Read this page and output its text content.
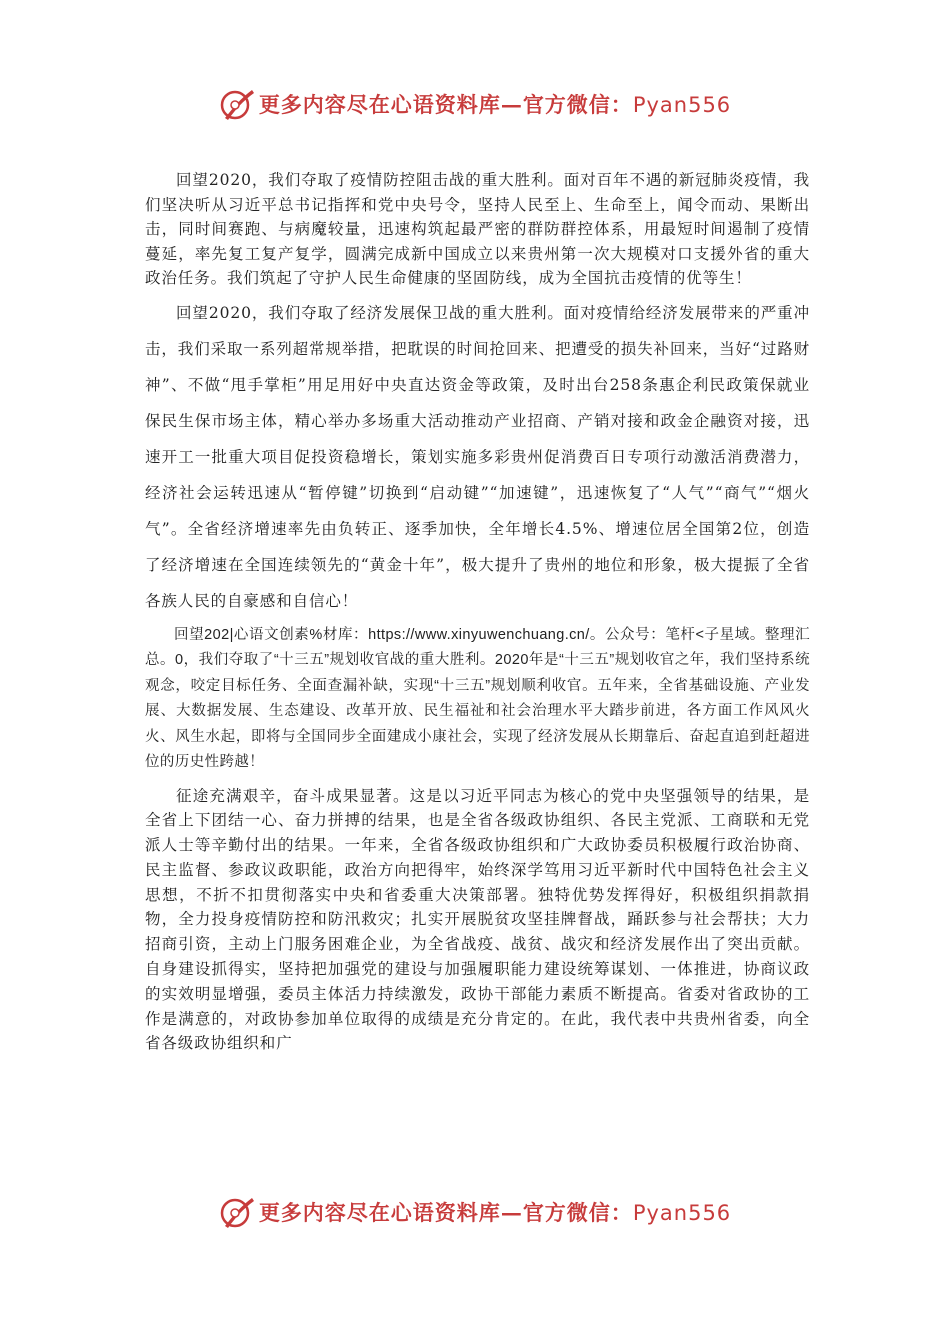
更多内容尽在心语资料库—官方微信：Pyan556

回望2020，我们夺取了疫情防控阻击战的重大胜利。面对百年不遇的新冠肺炎疫情，我们坚决听从习近平总书记指挥和党中央号令，坚持人民至上、生命至上，闻令而动、果断出击，同时间赛跑、与病魔较量，迅速构筑起最严密的群防群控体系，用最短时间遏制了疫情蔓延，率先复工复产复学，圆满完成新中国成立以来贵州第一次大规模对口支援外省的重大政治任务。我们筑起了守护人民生命健康的坚固防线，成为全国抗击疫情的优等生！

回望2020，我们夺取了经济发展保卫战的重大胜利。面对疫情给经济发展带来的严重冲击，我们采取一系列超常规举措，把耽误的时间抢回来、把遭受的损失补回来，当好“过路财神”、不做“甩手掌柜”用足用好中央直达资金等政策，及时出台258条惠企利民政策保就业保民生保市场主体，精心举办多场重大活动推动产业招商、产销对接和政金企融资对接，迅速开工一批重大项目促投资稳增长，策划实施多彩贵州促消费百日专项行动激活消费潜力，经济社会运转迅速从“暂停键”切换到“启动键”“加速键”，迅速恢复了“人气”“商气”“烟火气”。全省经济增速率先由负转正、逐季加快，全年增长4.5%、增速位居全国第2位，创造了经济增速在全国连续领先的“黄金十年”，极大提升了贵州的地位和形象，极大提振了全省各族人民的自豪感和自信心！

回望202|心语文创素%材库：https://www.xinyuwenchuang.cn/。公众号：笔杆<子星域。整理汇总。0，我们夺取了“十三五”规划收官战的重大胜利。2020年是“十三五”规划收官之年，我们坚持系统观念，咬定目标任务、全面查漏补缺，实现“十三五”规划顺利收官。五年来，全省基础设施、产业发展、大数据发展、生态建设、改革开放、民生福祉和社会治理水平大踏步前进，各方面工作风风火火、风生水起，即将与全国同步全面建成小康社会，实现了经济发展从长期靠后、奋起直追到赶超进位的历史性跨越！

征途充满艰辛，奋斗成果显著。这是以习近平同志为核心的党中央坚强领导的结果，是全省上下团结一心、奋力拼搏的结果，也是全省各级政协组织、各民主党派、工商联和无党派人士等辛勤付出的结果。一年来，全省各级政协组织和广大政协委员积极履行政治协商、民主监督、参政议政职能，政治方向把得牢，始终深学笃用习近平新时代中国特色社会主义思想，不折不扣贯彻落实中央和省委重大决策部署。独特优势发挥得好，积极组织捐款捐物，全力投身疫情防控和防汛救灾；扎实开展脱贫攻坚挂牌督战，踊跃参与社会帮扶；大力招商引资，主动上门服务困难企业，为全省战疫、战贫、战灾和经济发展作出了突出贡献。自身建设抓得实，坚持把加强党的建设与加强履职能力建设统筹谋划、一体推进，协商议政的实效明显增强，委员主体活力持续激发，政协干部能力素质不断提高。省委对省政协的工作是满意的，对政协参加单位取得的成绩是充分肯定的。在此，我代表中共贵州省委，向全省各级政协组织和广

更多内容尽在心语资料库—官方微信：Pyan556
